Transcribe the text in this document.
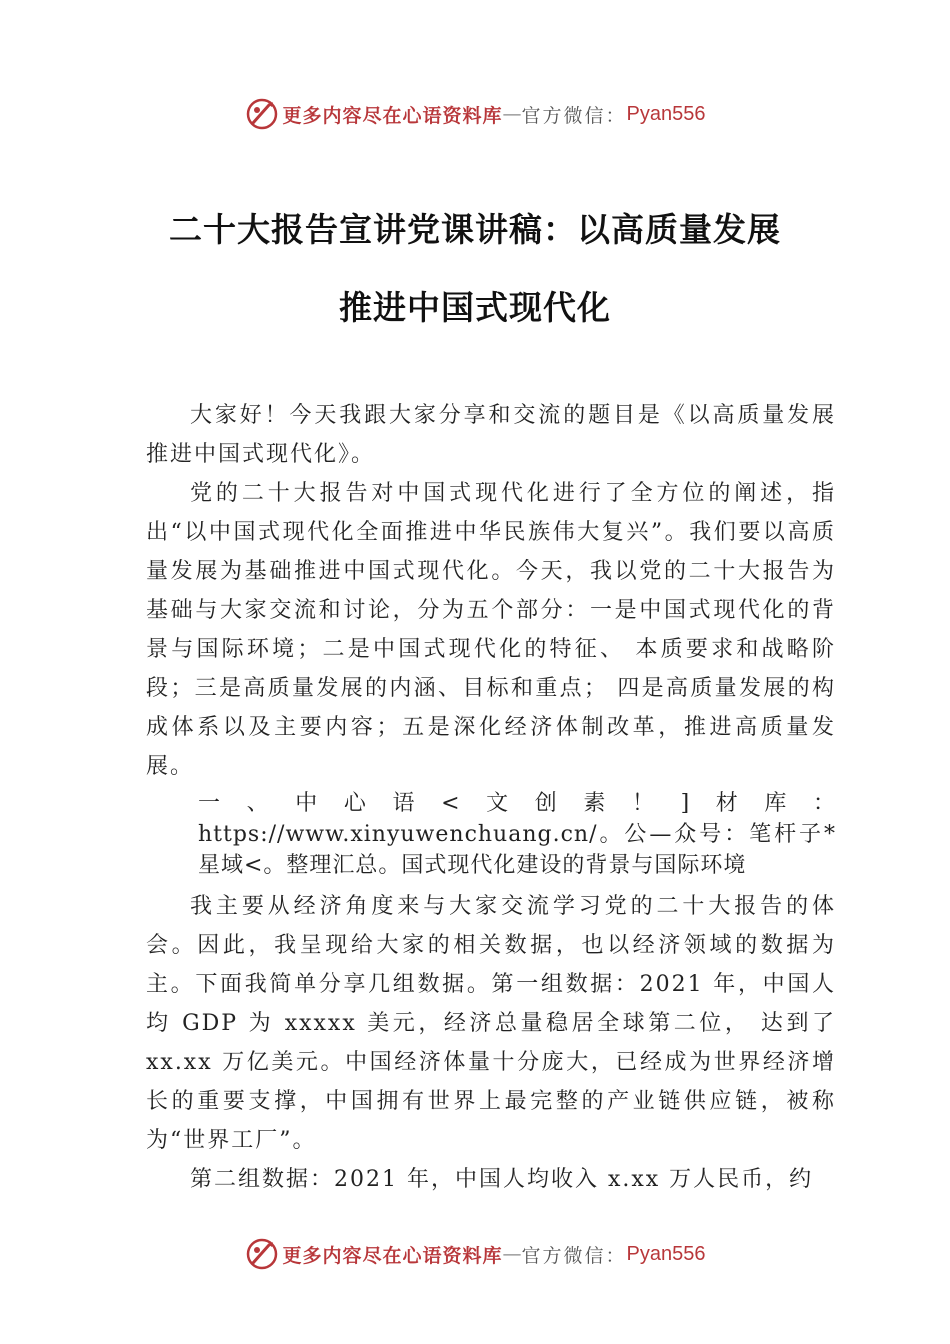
更多内容尽在心语资料库 — 官方微信： Pyan556
二十大报告宣讲党课讲稿：以高质量发展
推进中国式现代化

大家好！今天我跟大家分享和交流的题目是《以高质量发展推进中国式现代化》。

党的二十大报告对中国式现代化进行了全方位的阐述，指出“以中国式现代化全面推进中华民族伟大复兴”。我们要以高质量发展为基础推进中国式现代化。今天，我以党的二十大报告为基础与大家交流和讨论，分为五个部分：一是中国式现代化的背景与国际环境；二是中国式现代化的特征、 本质要求和战略阶段；三是高质量发展的内涵、目标和重点； 四是高质量发展的构成体系以及主要内容；五是深化经济体制改革，推进高质量发展。

一、中心语<文创素！]材库：https://www.xinyuwenchuang.cn/。公—众号：笔杆子*星域<。整理汇总。国式现代化建设的背景与国际环境

我主要从经济角度来与大家交流学习党的二十大报告的体会。因此，我呈现给大家的相关数据，也以经济领域的数据为主。下面我简单分享几组数据。第一组数据：2021 年，中国人均 GDP 为 xxxxx 美元，经济总量稳居全球第二位， 达到了 xx.xx 万亿美元。中国经济体量十分庞大，已经成为世界经济增长的重要支撑，中国拥有世界上最完整的产业链供应链，被称为“世界工厂”。

第二组数据：2021 年，中国人均收入 x.xx 万人民币，约

更多内容尽在心语资料库 — 官方微信： Pyan556
